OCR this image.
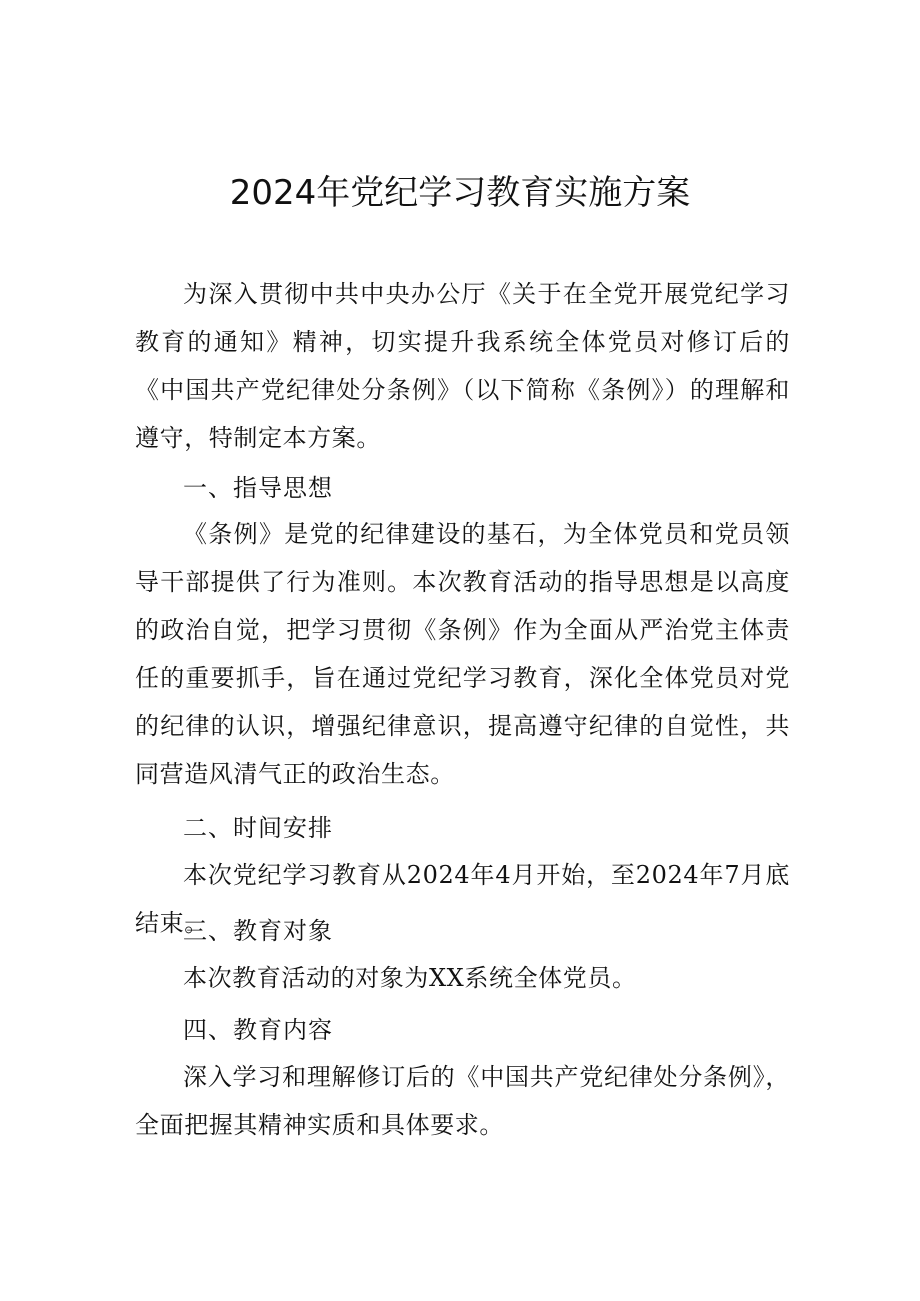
2024年党纪学习教育实施方案

为深入贯彻中共中央办公厅《关于在全党开展党纪学习教育的通知》精神，切实提升我系统全体党员对修订后的《中国共产党纪律处分条例》（以下简称《条例》）的理解和遵守，特制定本方案。

一、指导思想

《条例》是党的纪律建设的基石，为全体党员和党员领导干部提供了行为准则。本次教育活动的指导思想是以高度的政治自觉，把学习贯彻《条例》作为全面从严治党主体责任的重要抓手，旨在通过党纪学习教育，深化全体党员对党的纪律的认识，增强纪律意识，提高遵守纪律的自觉性，共同营造风清气正的政治生态。

二、时间安排

本次党纪学习教育从2024年4月开始，至2024年7月底结束。

三、教育对象

本次教育活动的对象为XX系统全体党员。

四、教育内容

深入学习和理解修订后的《中国共产党纪律处分条例》，全面把握其精神实质和具体要求。
